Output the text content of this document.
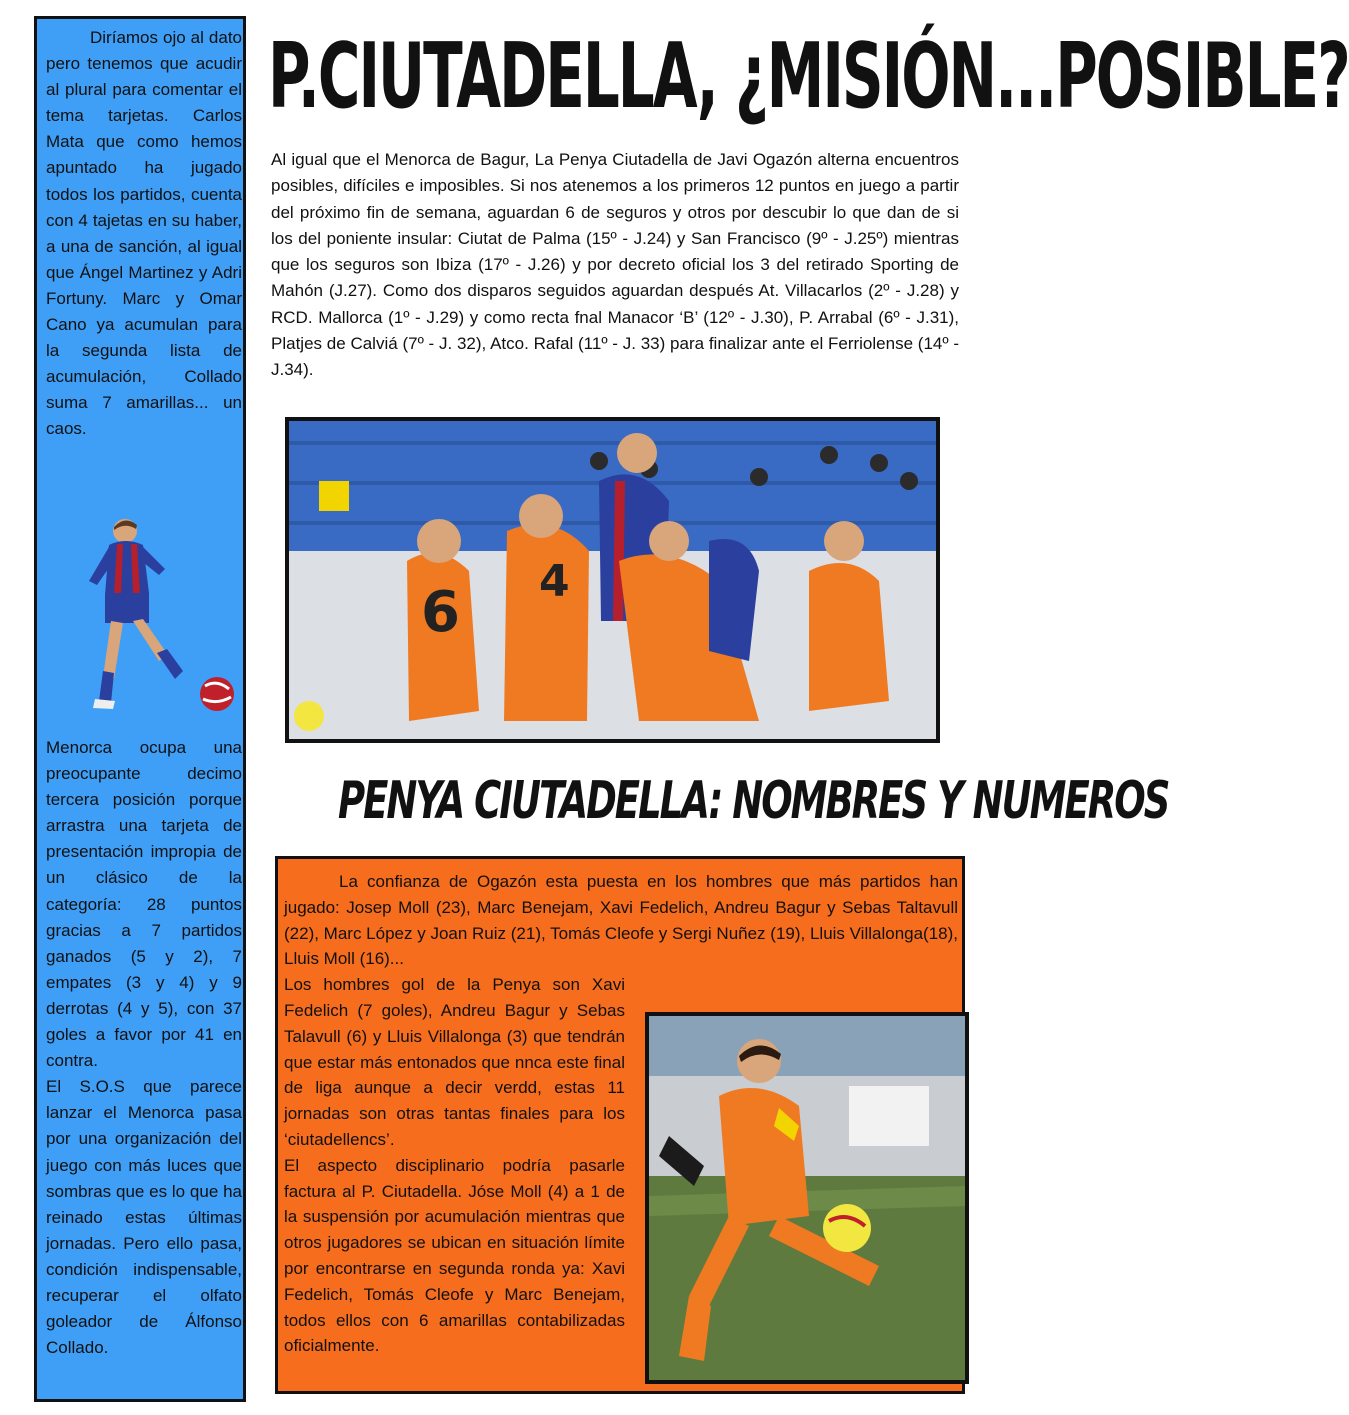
Diríamos ojo al dato pero tenemos que acudir al plural para comentar el tema tarjetas. Carlos Mata que como hemos apuntado ha jugado todos los partidos, cuenta con 4 tajetas en su haber, a una de sanción, al igual que Ángel Martinez y Adri Fortuny. Marc y Omar Cano ya acumulan para la segunda lista de acumulación, Collado suma 7 amarillas... un caos.

Menorca ocupa una preocupante decimo tercera posición porque arrastra una tarjeta de presentación impropia de un clásico de la categoría: 28 puntos gracias a 7 partidos ganados (5 y 2), 7 empates (3 y 4) y 9 derrotas (4 y 5), con 37 goles a favor por 41 en contra.

El S.O.S que parece lanzar el Menorca pasa por una organización del juego con más luces que sombras que es lo que ha reinado estas últimas jornadas. Pero ello pasa, condición indispensable, recuperar el olfato goleador de Álfonso Collado.

P.CIUTADELLA, ¿MISIÓN...POSIBLE?

Al igual que el Menorca de Bagur, La Penya Ciutadella de Javi Ogazón alterna encuentros posibles, difíciles e imposibles. Si nos atenemos a los primeros 12 puntos en juego a partir del próximo fin de semana, aguardan 6 de seguros y otros por descubir lo que dan de si los del poniente insular: Ciutat de Palma (15º - J.24) y San Francisco (9º - J.25º) mientras que los seguros son Ibiza (17º - J.26) y por decreto oficial los 3 del retirado Sporting de Mahón (J.27). Como dos disparos seguidos aguardan después At. Villacarlos (2º - J.28) y RCD. Mallorca (1º - J.29) y como recta fnal Manacor ‘B’ (12º - J.30), P. Arrabal (6º - J.31), Platjes de Calviá (7º - J. 32), Atco. Rafal (11º - J. 33) para finalizar ante el Ferriolense (14º - J.34).

6 4
PENYA CIUTADELLA: NOMBRES Y NUMEROS

La confianza de Ogazón esta puesta en los hombres que más partidos han jugado: Josep Moll (23), Marc Benejam, Xavi Fedelich, Andreu Bagur y Sebas Taltavull (22), Marc López y Joan Ruiz (21), Tomás Cleofe y Sergi Nuñez (19), Lluis Villalonga(18), Lluis Moll (16)...

Los hombres gol de la Penya son Xavi Fedelich (7 goles), Andreu Bagur y Sebas Talavull (6) y Lluis Villalonga (3) que tendrán que estar más entonados que nnca este final de liga aunque a decir verdd, estas 11 jornadas son otras tantas finales para los ‘ciutadellencs’.

El aspecto disciplinario podría pasarle factura al P. Ciutadella. Jóse Moll (4) a 1 de la suspensión por acumulación mientras que otros jugadores se ubican en situación límite por encontrarse en segunda ronda ya: Xavi Fedelich, Tomás Cleofe y Marc Benejam, todos ellos con 6 amarillas contabilizadas oficialmente.
